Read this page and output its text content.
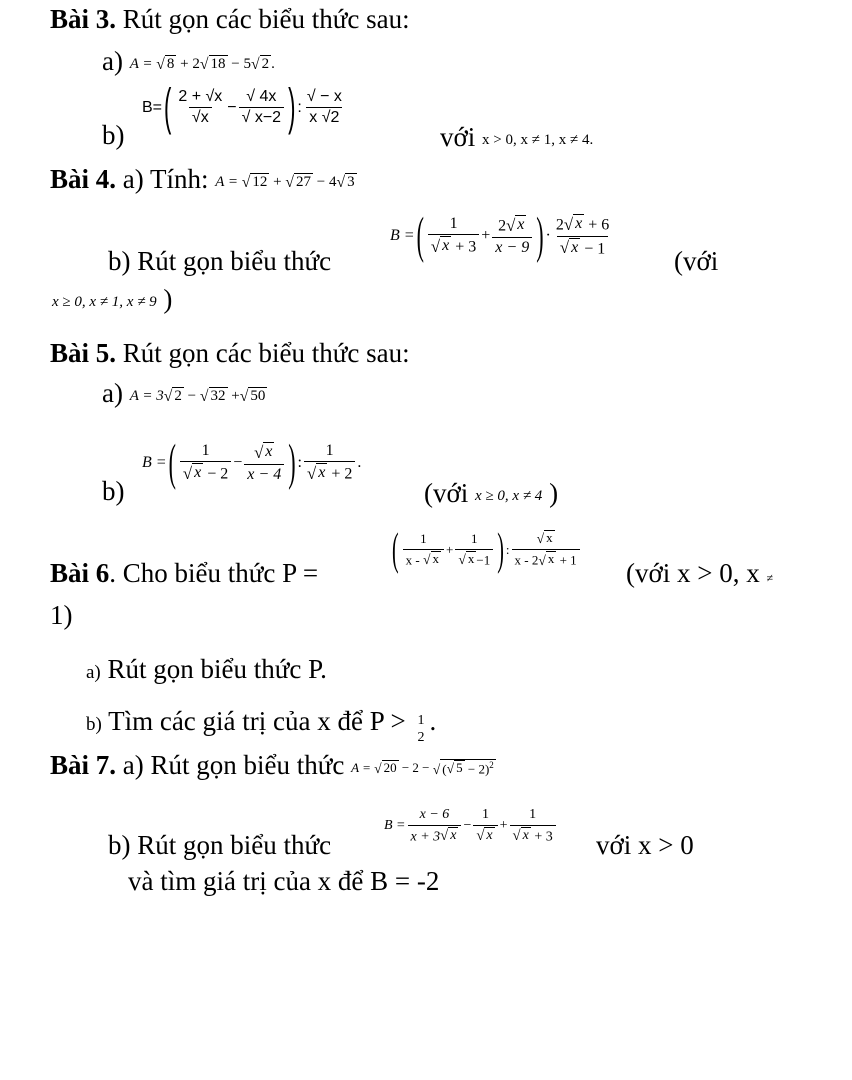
Bài 3. Rút gọn các biểu thức sau:
a) A =
√ 8
+ 2 √ 18
− 5 √ 2 .
b)
B= ( $\frac{2 + √x}{√x} - \frac{√ 4x}{√ x-2}$ ) : $\frac{√ - x}{x √2}$
với x > 0, x ≠ 1, x ≠ 4.
Bài 4. a) Tính: A =
√ 12
+
√ 27
− 4 √ 3
b) Rút gọn biểu thức
B = ( $\frac{1}{√ x + 3} + \frac{2 √ x}{x - 9}$ ) · $\frac{2 √ x + 6}{√ x - 1}$
(với
x ≥ 0, x ≠ 1, x ≠ 9 )
Bài 5. Rút gọn các biểu thức sau:
a) A = 3 √ 2
−
√ 32
+ √ 50
b)
B = ( $\frac{1}{√ x - 2} - \frac{√ x}{x - 4}$ ) : $\frac{1}{√ x + 2}$ .
(với x ≥ 0, x ≠ 4 )
Bài 6. Cho biểu thức P =	( $\frac{1}{x - √ x} + \frac{1}{√ x -1}$ ) : $\frac{√ x}{x - 2 √ x + 1}$
(với x > 0, x ≠
1)
a) Rút gọn biểu thức P.
b) Tìm các giá trị của x để P > 1
2
.
Bài 7. a) Rút gọn biểu thức A =
√ 20
− 2 −
√ ( √ 5 − 2)$^2$
b) Rút gọn biểu thức
$B = \frac{x - 6}{x + 3 √ x} - \frac{1}{√ x} + \frac{1}{√ x + 3}$ với x > 0
và tìm giá trị của x để B = -2
